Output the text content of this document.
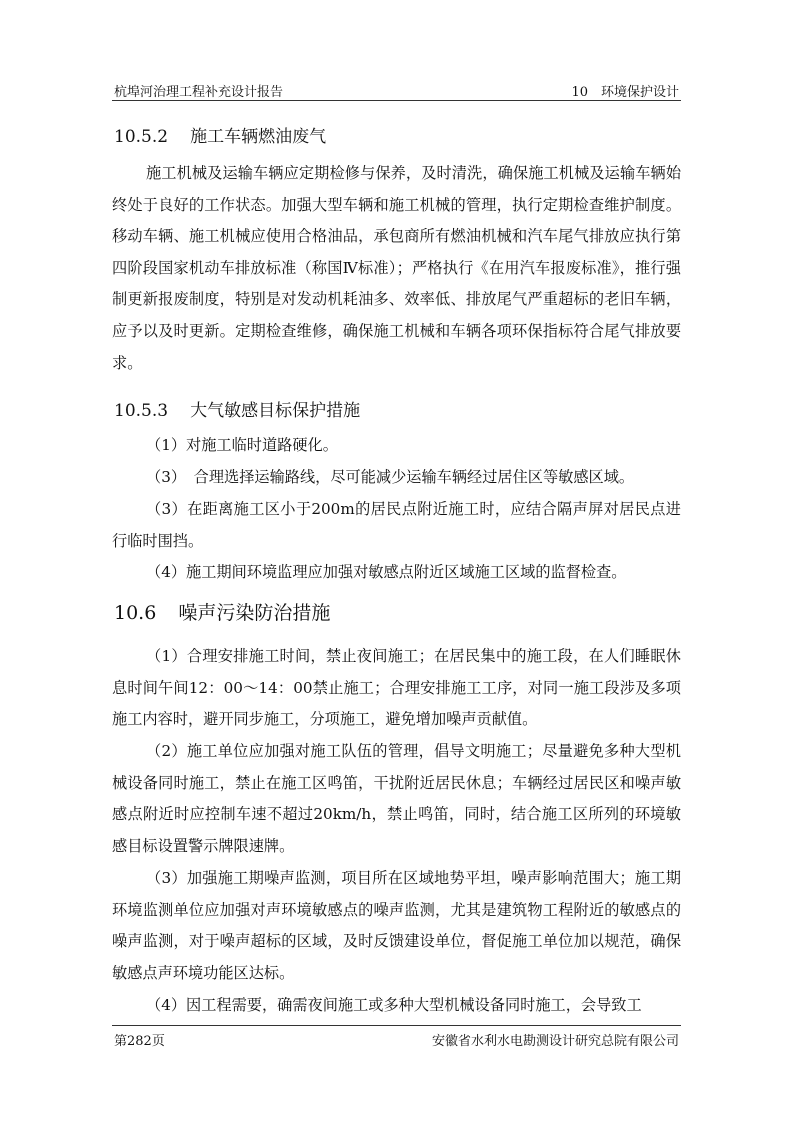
杭埠河治理工程补充设计报告	10　环境保护设计
10.5.2 施工车辆燃油废气

施工机械及运输车辆应定期检修与保养，及时清洗，确保施工机械及运输车辆始终处于良好的工作状态。加强大型车辆和施工机械的管理，执行定期检查维护制度。移动车辆、施工机械应使用合格油品，承包商所有燃油机械和汽车尾气排放应执行第四阶段国家机动车排放标准（称国Ⅳ标准）；严格执行《在用汽车报废标准》，推行强制更新报废制度，特别是对发动机耗油多、效率低、排放尾气严重超标的老旧车辆，应予以及时更新。定期检查维修，确保施工机械和车辆各项环保指标符合尾气排放要求。

10.5.3 大气敏感目标保护措施

（1）对施工临时道路硬化。

（3）　合理选择运输路线，尽可能减少运输车辆经过居住区等敏感区域。

（3）在距离施工区小于200m的居民点附近施工时，应结合隔声屏对居民点进行临时围挡。

（4）施工期间环境监理应加强对敏感点附近区域施工区域的监督检查。

10.6 噪声污染防治措施

（1）合理安排施工时间，禁止夜间施工；在居民集中的施工段，在人们睡眠休息时间午间12：00～14：00禁止施工；合理安排施工工序，对同一施工段涉及多项施工内容时，避开同步施工，分项施工，避免增加噪声贡献值。

（2）施工单位应加强对施工队伍的管理，倡导文明施工；尽量避免多种大型机械设备同时施工，禁止在施工区鸣笛，干扰附近居民休息；车辆经过居民区和噪声敏感点附近时应控制车速不超过20km/h，禁止鸣笛，同时，结合施工区所列的环境敏感目标设置警示牌限速牌。

（3）加强施工期噪声监测，项目所在区域地势平坦，噪声影响范围大；施工期环境监测单位应加强对声环境敏感点的噪声监测，尤其是建筑物工程附近的敏感点的噪声监测，对于噪声超标的区域，及时反馈建设单位，督促施工单位加以规范，确保敏感点声环境功能区达标。

（4）因工程需要，确需夜间施工或多种大型机械设备同时施工，会导致工

第282页	安徽省水利水电勘测设计研究总院有限公司
